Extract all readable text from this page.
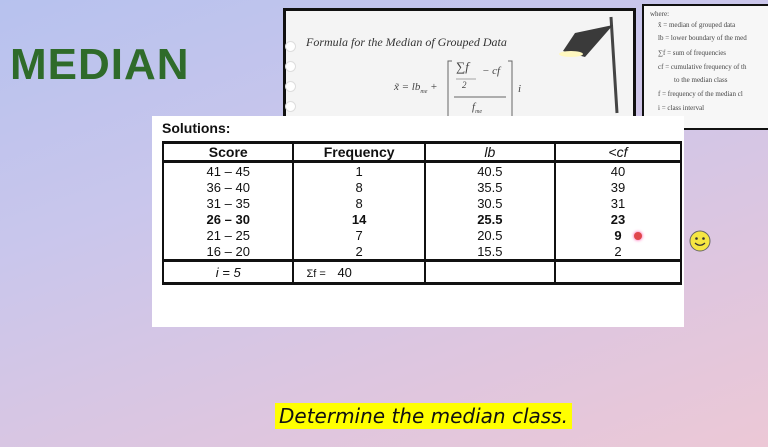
MEDIAN	Formula for the Median of Grouped Data
x̃ = $lb_{me}$ +
∑f − cf
2
$f_{me}$
i
where:
x̃ = median of grouped data
lb = lower boundary of the med
∑f = sum of frequencies
cf = cumulative frequency of th
to the median class
f = frequency of the median cl
i = class interval
Solutions:
Score	Frequency	lb	<cf
41 – 45	1	40.5	40
36 – 40	8	35.5	39
31 – 35	8	30.5	31
26 – 30	14	25.5	23
21 – 25	7	20.5	9
16 – 20	2	15.5	2
i = 5	Σf = 40		
Determine the median class.
